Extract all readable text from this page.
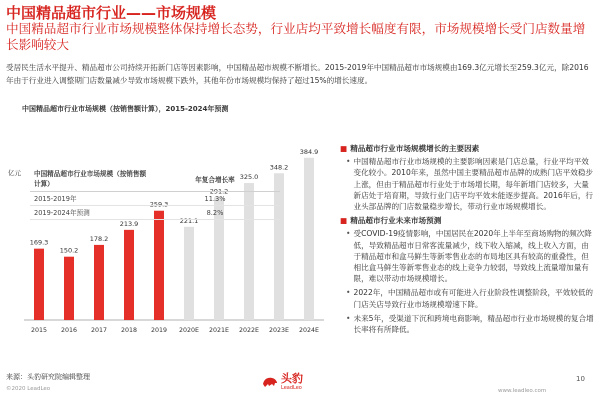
中国精品超市行业——市场规模
中国精品超市行业市场规模整体保持增长态势，行业店均平致增长幅度有限，市场规模增长受门店数量增长影响较大
受居民生活水平提升、精品超市公司持续开拓新门店等因素影响，中国精品超市规模不断增长。2015-2019年中国精品超市市场规模由169.3亿元增长至259.3亿元，除2016年由于行业进入调整期门店数量减少导致市场规模下跌外，其他年份市场规模均保持了超过15%的增长速度。
中国精品超市行业市场规模（按销售额计算），2015-2024年预测
亿元
169.3
2015
150.2
2016
178.2
2017
213.9
2018
259.3
2019
221.1
2020E
291.2
2021E
325.0
2022E
348.2
2023E
384.9
2024E
中国精品超市行业市场规模（按销售额计算）	年复合增长率
2015-2019年	11.3%
2019-2024年预测	8.2%
■ 精品超市行业市场规模增长的主要因素
• 中国精品超市行业市场规模的主要影响因素是门店总量，行业平均平效变化较小。2010年来，虽然中国主要精品超市品牌的成熟门店平效稳步上涨，但由于精品超市行业处于市场增长期，每年新增门店较多，大量新店处于培育期，导致行业门店平均平效未能逐步提高。2016年后，行业头部品牌的门店数量稳步增长，带动行业市场规模增长。
■ 精品超市行业未来市场预测
• 受COVID-19疫情影响，中国居民在2020年上半年至商场购物的频次降低，导致精品超市日常客流量减少，线下收入缩减，线上收入方面，由于精品超市和盒马鲜生等新零售业态的布局地区具有较高的重叠性，但相比盒马鲜生等新零售业态的线上竞争力较弱，导致线上流量增加量有限，难以带动市场规模增长。
• 2022年，中国精品超市或有可能进入行业阶段性调整阶段，平效较低的门店关店导致行业市场规模增速下降。
• 未来5年，受渠道下沉和跨境电商影响，精品超市行业市场规模的复合增长率将有所降低。
来源：头豹研究院编辑整理
©2020 LeadLeo
头豹
LeadLeo	www.leadleo.com
10
